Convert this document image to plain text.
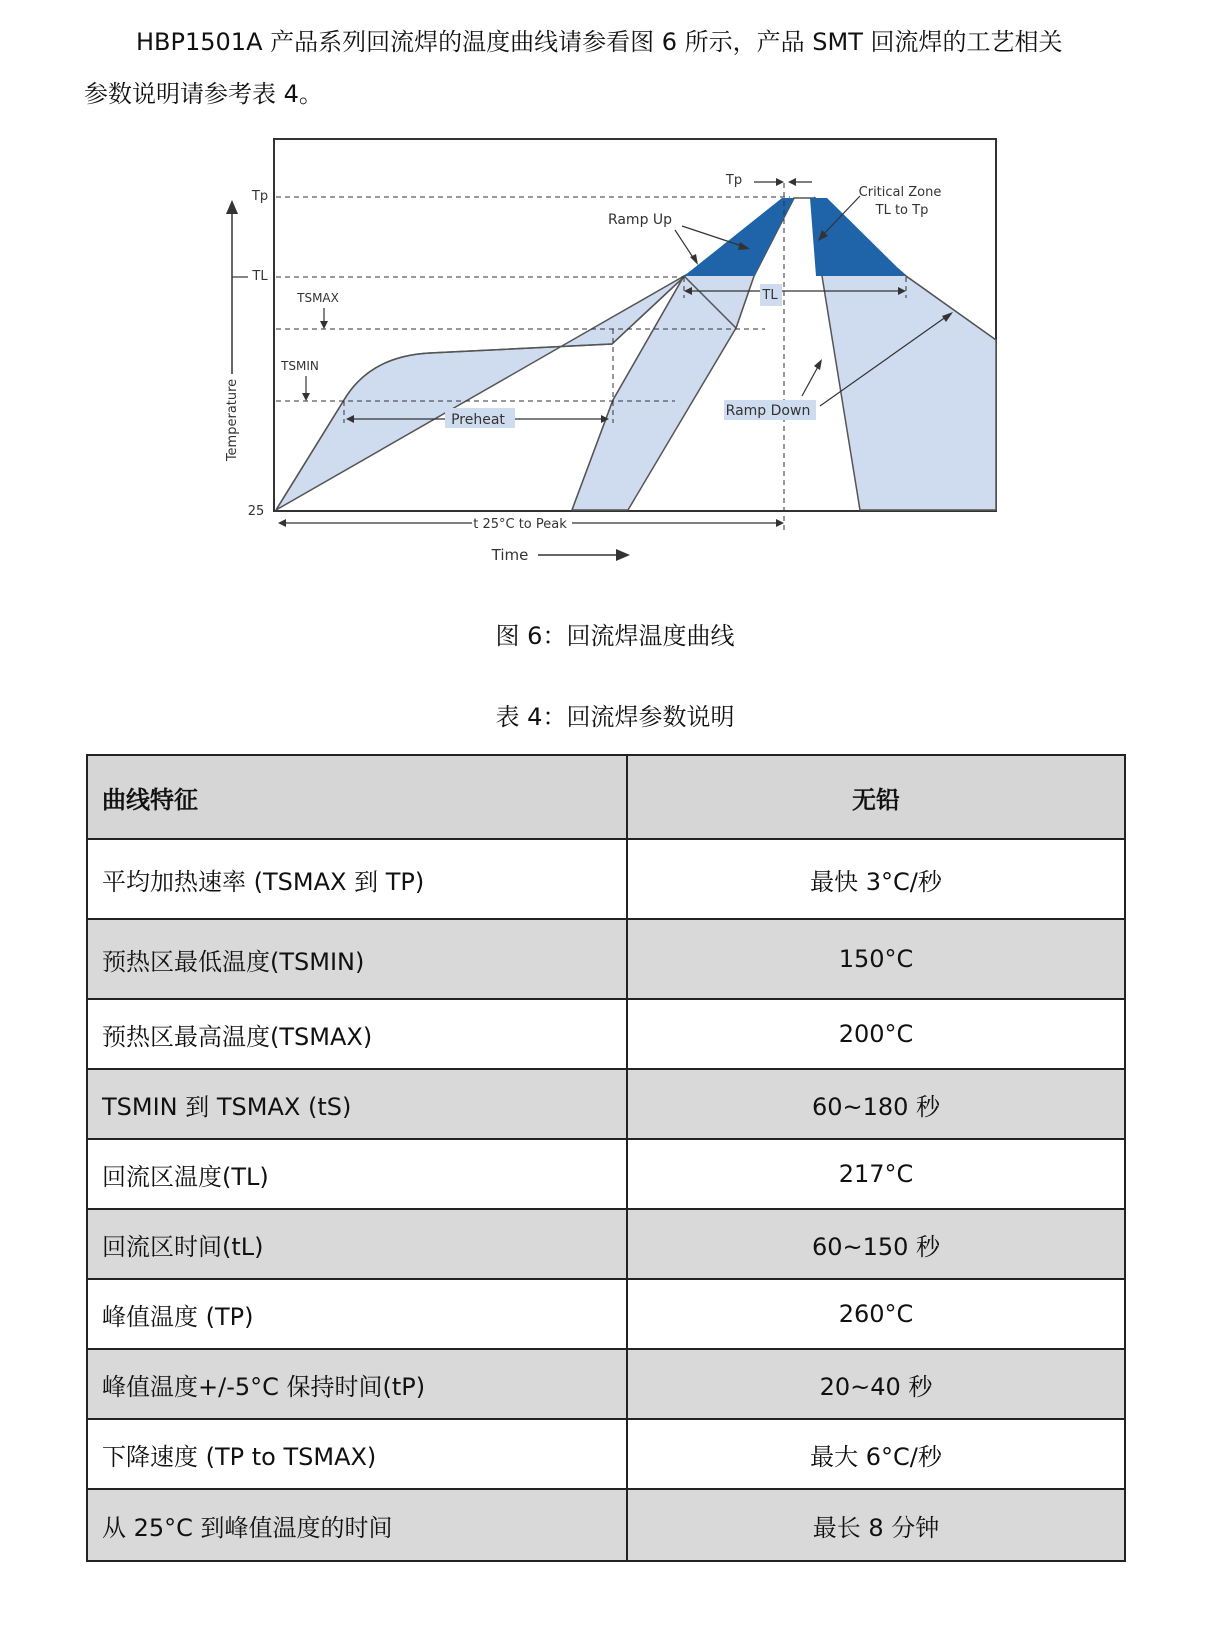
HBP1501A 产品系列回流焊的温度曲线请参看图 6 所示，产品 SMT 回流焊的工艺相关
参数说明请参考表 4。
Preheat
TL
Tp
Ramp Up
Critical Zone
TL to Tp
Ramp Down
Temperature
Tp
TL
TSMAX
TSMIN
25
t 25°C to Peak
Time
图 6：回流焊温度曲线
表 4：回流焊参数说明
曲线特征	无铅
平均加热速率 (TSMAX 到 TP)	最快 3°C/秒
预热区最低温度(TSMIN)	150°C
预热区最高温度(TSMAX)	200°C
TSMIN 到 TSMAX (tS)	60~180 秒
回流区温度(TL)	217°C
回流区时间(tL)	60~150 秒
峰值温度 (TP)	260°C
峰值温度+/-5°C 保持时间(tP)	20~40 秒
下降速度 (TP to TSMAX)	最大 6°C/秒
从 25°C 到峰值温度的时间	最长 8 分钟
